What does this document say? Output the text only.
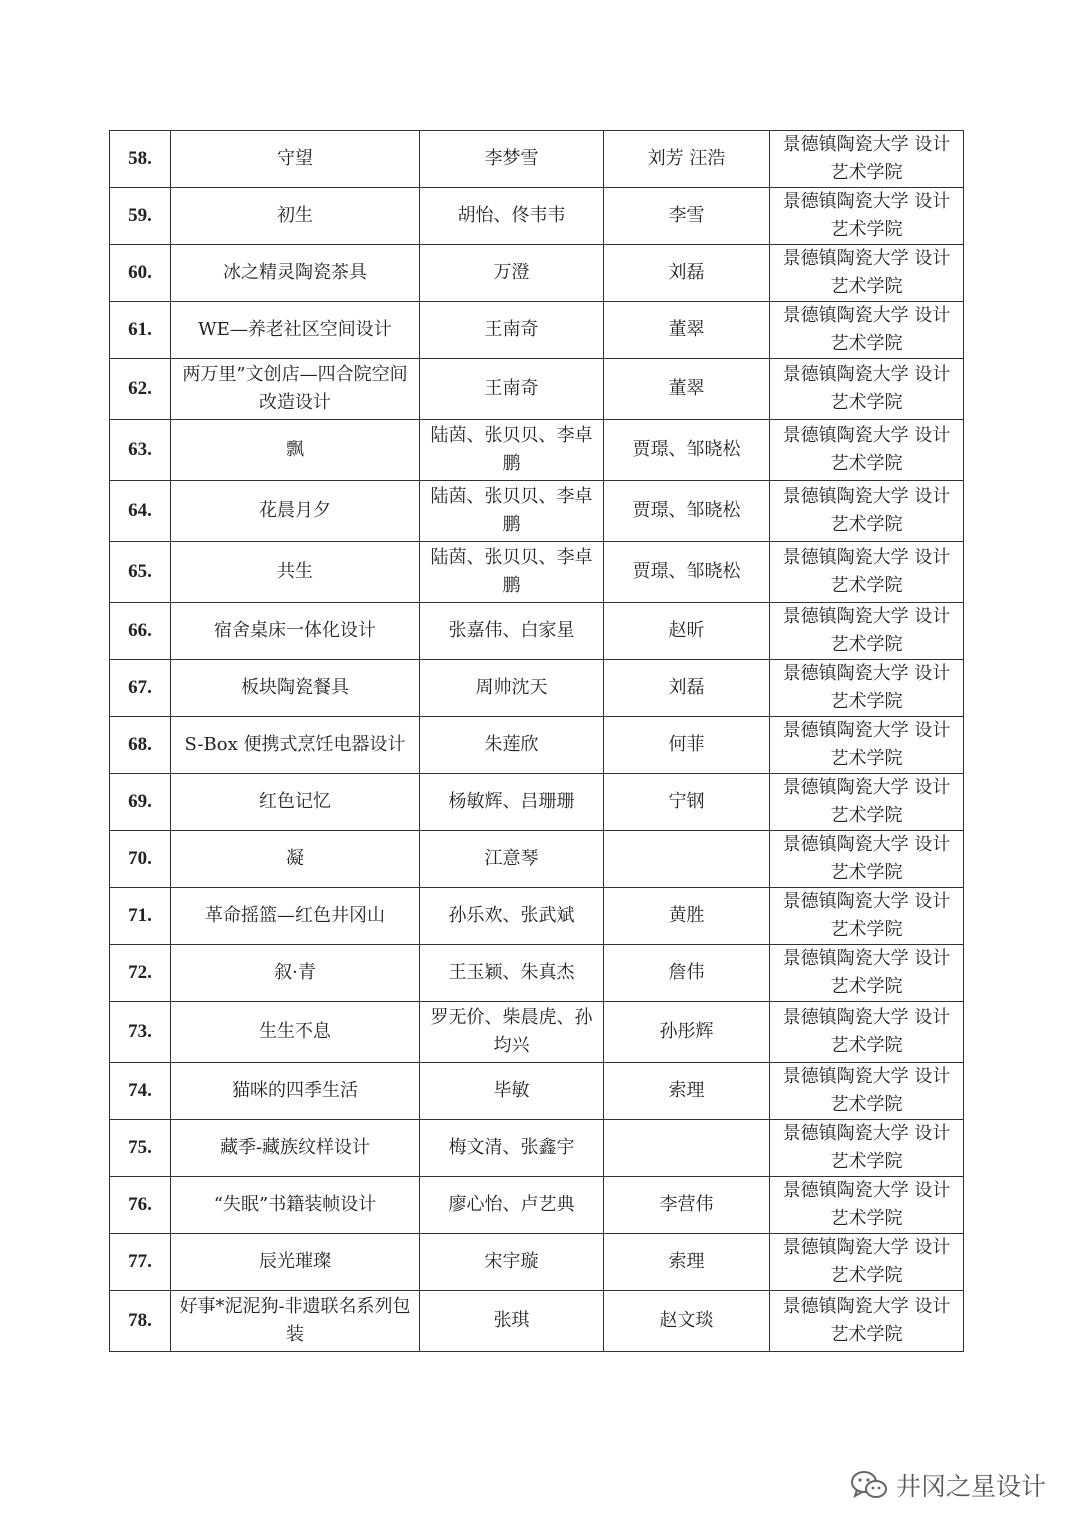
58.	守望	李梦雪	刘芳 汪浩	景德镇陶瓷大学 设计艺术学院
59.	初生	胡怡、佟韦韦	李雪	景德镇陶瓷大学 设计艺术学院
60.	冰之精灵陶瓷茶具	万澄	刘磊	景德镇陶瓷大学 设计艺术学院
61.	WE—养老社区空间设计	王南奇	董翠	景德镇陶瓷大学 设计艺术学院
62.	两万里”文创店—四合院空间改造设计	王南奇	董翠	景德镇陶瓷大学 设计艺术学院
63.	飘	陆茵、张贝贝、李卓鹏	贾璟、邹晓松	景德镇陶瓷大学 设计艺术学院
64.	花晨月夕	陆茵、张贝贝、李卓鹏	贾璟、邹晓松	景德镇陶瓷大学 设计艺术学院
65.	共生	陆茵、张贝贝、李卓鹏	贾璟、邹晓松	景德镇陶瓷大学 设计艺术学院
66.	宿舍桌床一体化设计	张嘉伟、白家星	赵昕	景德镇陶瓷大学 设计艺术学院
67.	板块陶瓷餐具	周帅沈天	刘磊	景德镇陶瓷大学 设计艺术学院
68.	S-Box 便携式烹饪电器设计	朱莲欣	何菲	景德镇陶瓷大学 设计艺术学院
69.	红色记忆	杨敏辉、吕珊珊	宁钢	景德镇陶瓷大学 设计艺术学院
70.	凝	江意琴		景德镇陶瓷大学 设计艺术学院
71.	革命摇篮—红色井冈山	孙乐欢、张武斌	黄胜	景德镇陶瓷大学 设计艺术学院
72.	叙·青	王玉颖、朱真杰	詹伟	景德镇陶瓷大学 设计艺术学院
73.	生生不息	罗无价、柴晨虎、孙均兴	孙彤辉	景德镇陶瓷大学 设计艺术学院
74.	猫咪的四季生活	毕敏	索理	景德镇陶瓷大学 设计艺术学院
75.	藏季-藏族纹样设计	梅文清、张鑫宇		景德镇陶瓷大学 设计艺术学院
76.	“失眠”书籍装帧设计	廖心怡、卢艺典	李营伟	景德镇陶瓷大学 设计艺术学院
77.	辰光璀璨	宋宇璇	索理	景德镇陶瓷大学 设计艺术学院
78.	好事*泥泥狗-非遗联名系列包装	张琪	赵文琰	景德镇陶瓷大学 设计艺术学院
井冈之星设计
